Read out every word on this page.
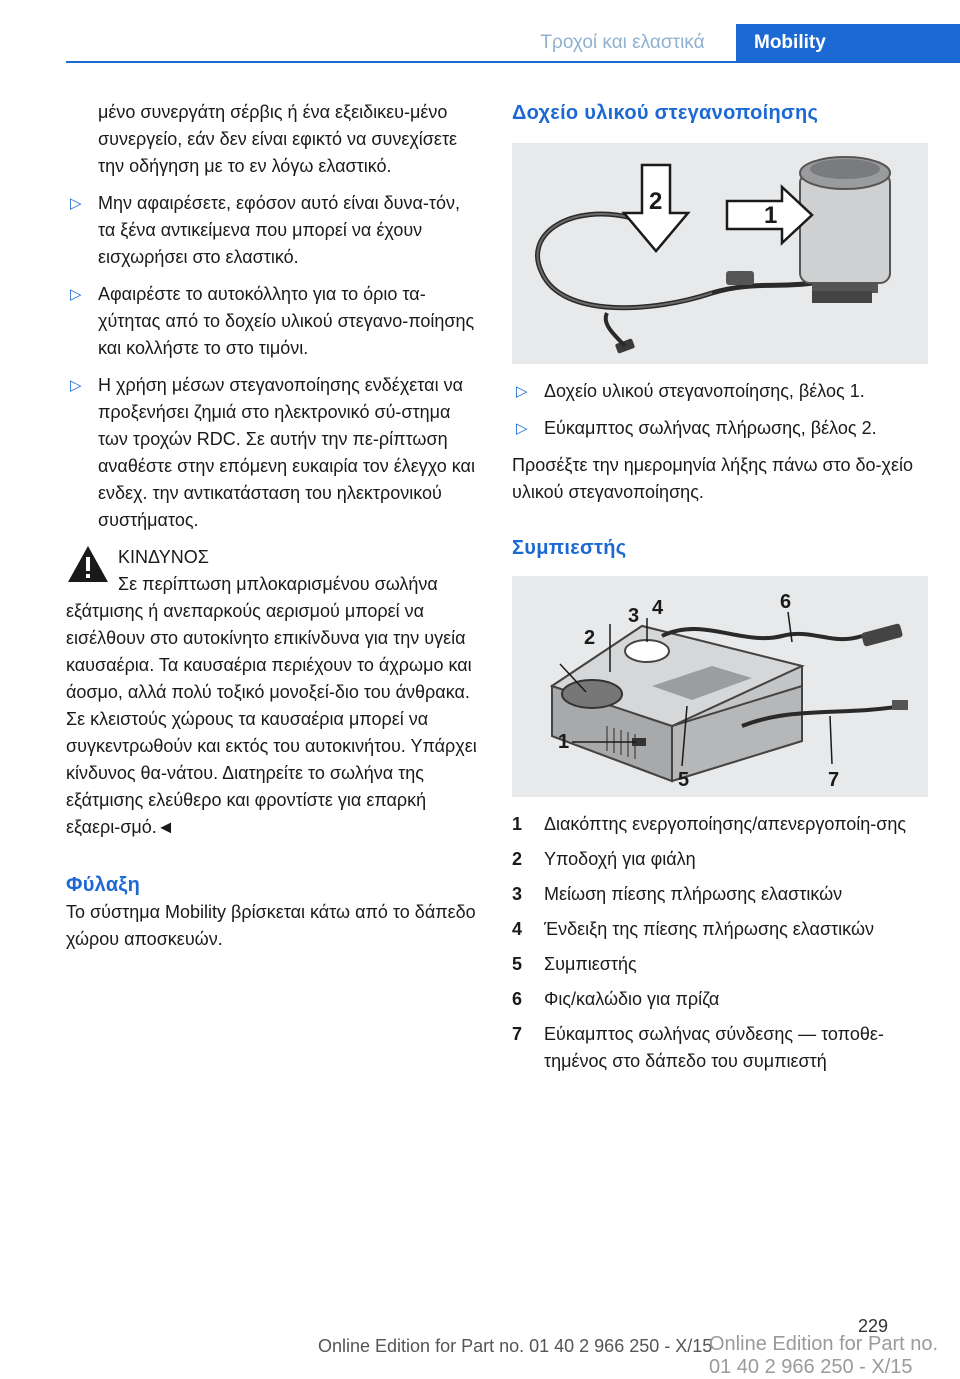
Τροχοί και ελαστικά	Mobility
μένο συνεργάτη σέρβις ή ένα εξειδικευ-μένο συνεργείο, εάν δεν είναι εφικτό να συνεχίσετε την οδήγηση με το εν λόγω ελαστικό.
▷ Μην αφαιρέσετε, εφόσον αυτό είναι δυνα-τόν, τα ξένα αντικείμενα που μπορεί να έχουν εισχωρήσει στο ελαστικό.
▷ Αφαιρέστε το αυτοκόλλητο για το όριο τα-χύτητας από το δοχείο υλικού στεγανο-ποίησης και κολλήστε το στο τιμόνι.
▷ Η χρήση μέσων στεγανοποίησης ενδέχεται να προξενήσει ζημιά στο ηλεκτρονικό σύ-στημα των τροχών RDC. Σε αυτήν την πε-ρίπτωση αναθέστε στην επόμενη ευκαιρία τον έλεγχο και ενδεχ. την αντικατάσταση του ηλεκτρονικού συστήματος.
ΚΙΝΔΥΝΟΣ
Σε περίπτωση μπλοκαρισμένου σωλήνα
εξάτμισης ή ανεπαρκούς αερισμού μπορεί να εισέλθουν στο αυτοκίνητο επικίνδυνα για την υγεία καυσαέρια. Τα καυσαέρια περιέχουν το άχρωμο και άοσμο, αλλά πολύ τοξικό μονοξεί-διο του άνθρακα. Σε κλειστούς χώρους τα καυσαέρια μπορεί να συγκεντρωθούν και εκτός του αυτοκινήτου. Υπάρχει κίνδυνος θα-νάτου. Διατηρείτε το σωλήνα της εξάτμισης ελεύθερο και φροντίστε για επαρκή εξαερι-σμό.◄
Φύλαξη
Το σύστημα Mobility βρίσκεται κάτω από το δάπεδο χώρου αποσκευών.
Δοχείο υλικού στεγανοποίησης
1
2
▷ Δοχείο υλικού στεγανοποίησης, βέλος 1.
▷ Εύκαμπτος σωλήνας πλήρωσης, βέλος 2.
Προσέξτε την ημερομηνία λήξης πάνω στο δο-χείο υλικού στεγανοποίησης.
Συμπιεστής
1
2
3 4
5
6
7
1	Διακόπτης ενεργοποίησης/απενεργοποίη-σης
2	Υποδοχή για φιάλη
3	Μείωση πίεσης πλήρωσης ελαστικών
4	Ένδειξη της πίεσης πλήρωσης ελαστικών
5	Συμπιεστής
6	Φις/καλώδιο για πρίζα
7	Εύκαμπτος σωλήνας σύνδεσης — τοποθε-τημένος στο δάπεδο του συμπιεστή
229
Online Edition for Part no. 01 40 2 966 250 - X/15
Online Edition for Part no. 01 40 2 966 250 - X/15
